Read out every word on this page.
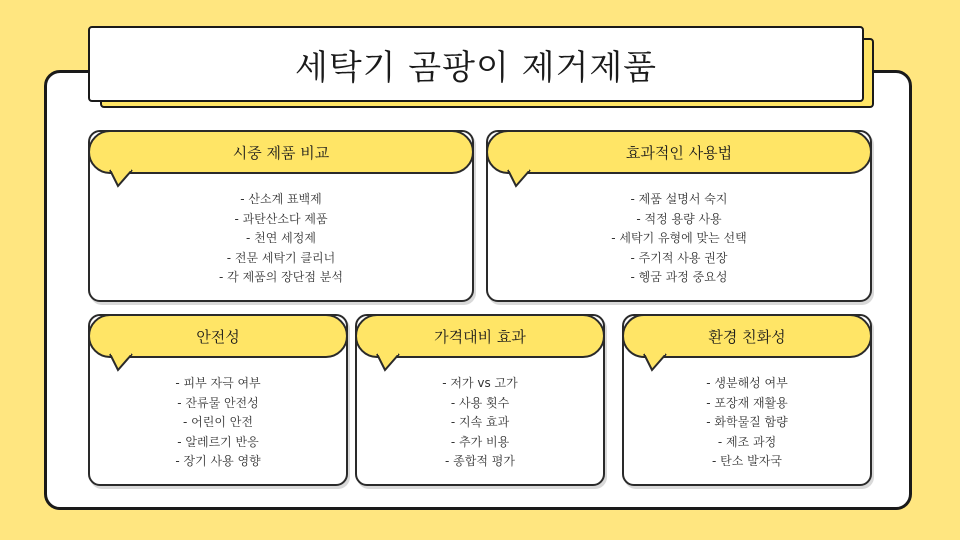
세탁기 곰팡이 제거제품
시중 제품 비교
- 산소계 표백제
- 과탄산소다 제품
- 천연 세정제
- 전문 세탁기 클리너
- 각 제품의 장단점 분석
효과적인 사용법
- 제품 설명서 숙지
- 적정 용량 사용
- 세탁기 유형에 맞는 선택
- 주기적 사용 권장
- 헹굼 과정 중요성
안전성
- 피부 자극 여부
- 잔류물 안전성
- 어린이 안전
- 알레르기 반응
- 장기 사용 영향
가격대비 효과
- 저가 vs 고가
- 사용 횟수
- 지속 효과
- 추가 비용
- 종합적 평가
환경 친화성
- 생분해성 여부
- 포장재 재활용
- 화학물질 함량
- 제조 과정
- 탄소 발자국
